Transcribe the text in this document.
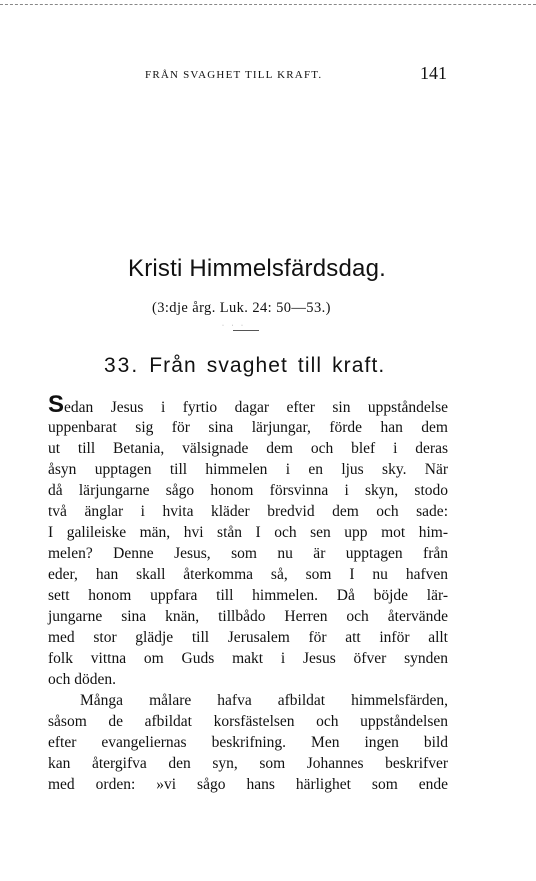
FRÅN SVAGHET TILL KRAFT.	141
Kristi Himmelsfärdsdag.
(3:dje årg. Luk. 24: 50—53.)
· · ·
33. Från svaghet till kraft.
Sedan Jesus i fyrtio dagar efter sin uppståndelse
uppenbarat sig för sina lärjungar, förde han dem
ut till Betania, välsignade dem och blef i deras
åsyn upptagen till himmelen i en ljus sky. När
då lärjungarne sågo honom försvinna i skyn, stodo
två änglar i hvita kläder bredvid dem och sade:
I galileiske män, hvi stån I och sen upp mot him-
melen? Denne Jesus, som nu är upptagen från
eder, han skall återkomma så, som I nu hafven
sett honom uppfara till himmelen. Då böjde lär-
jungarne sina knän, tillbådo Herren och återvände
med stor glädje till Jerusalem för att inför allt
folk vittna om Guds makt i Jesus öfver synden
och döden.
Många målare hafva afbildat himmelsfärden,
såsom de afbildat korsfästelsen och uppståndelsen
efter evangeliernas beskrifning. Men ingen bild
kan återgifva den syn, som Johannes beskrifver
med orden: »vi sågo hans härlighet som ende
